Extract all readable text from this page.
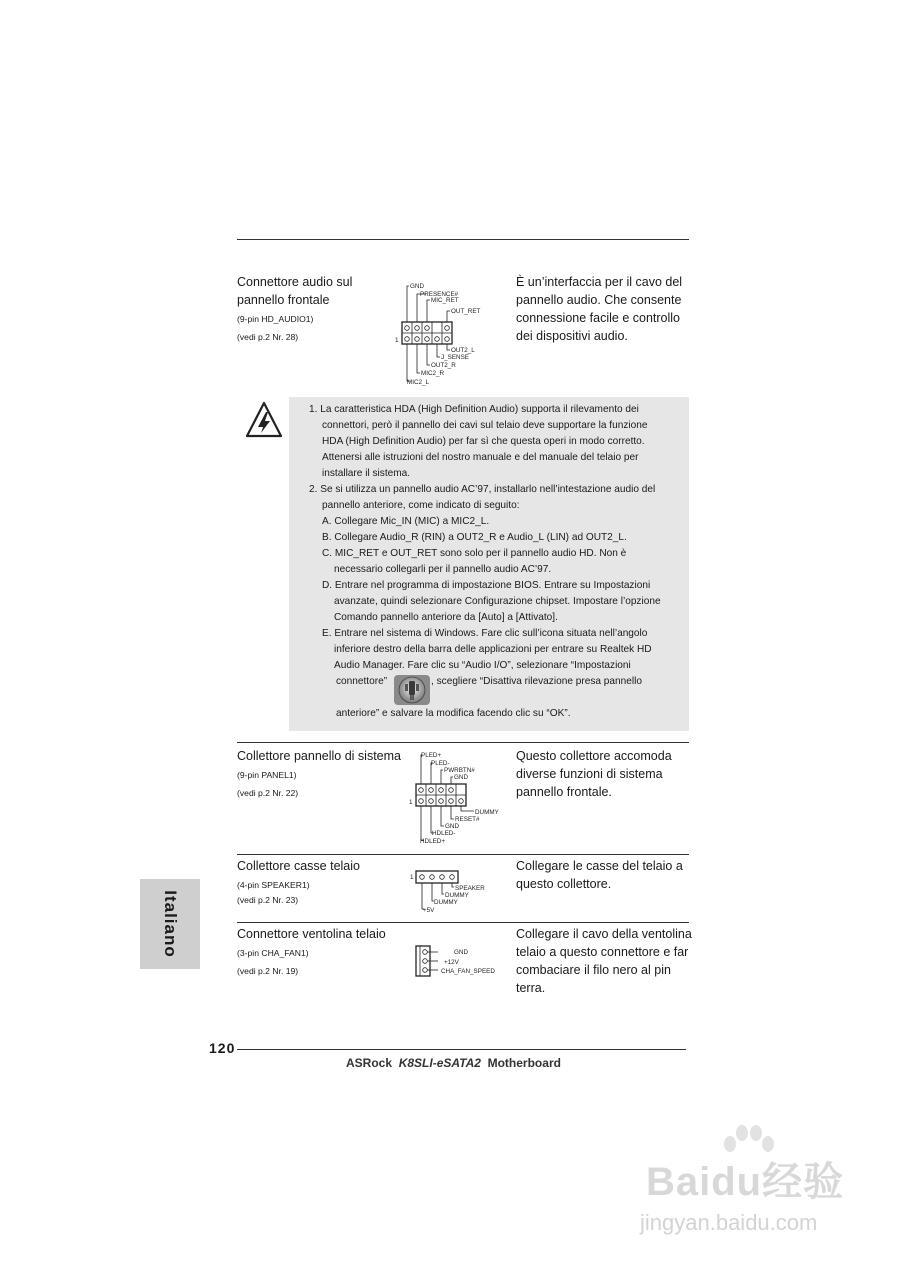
Connettore audio sul
pannello frontale
(9-pin HD_AUDIO1)
(vedi p.2 Nr. 28)
È un’interfaccia per il cavo del
pannello audio. Che consente
connessione facile e controllo
dei dispositivi audio.
GND
PRESENCE#
MIC_RET
OUT_RET
OUT2_L
J_SENSE
OUT2_R
MIC2_R
MIC2_L
1
1. La caratteristica HDA (High Definition Audio) supporta il rilevamento dei
connettori, però il pannello dei cavi sul telaio deve supportare la funzione
HDA (High Definition Audio) per far sì che questa operi in modo corretto.
Attenersi alle istruzioni del nostro manuale e del manuale del telaio per
installare il sistema.
2. Se si utilizza un pannello audio AC’97, installarlo nell’intestazione audio del
pannello anteriore, come indicato di seguito:
A. Collegare Mic_IN (MIC) a MIC2_L.
B. Collegare Audio_R (RIN) a OUT2_R e Audio_L (LIN) ad OUT2_L.
C. MIC_RET e OUT_RET sono solo per il pannello audio HD. Non è
necessario collegarli per il pannello audio AC’97.
D. Entrare nel programma di impostazione BIOS. Entrare su Impostazioni
avanzate, quindi selezionare Configurazione chipset. Impostare l’opzione
Comando pannello anteriore da [Auto] a [Attivato].
E. Entrare nel sistema di Windows. Fare clic sull’icona situata nell’angolo
inferiore destro della barra delle applicazioni per entrare su Realtek HD
Audio Manager. Fare clic su “Audio I/O”, selezionare “Impostazioni
connettore”	, scegliere “Disattiva rilevazione presa pannello
anteriore” e salvare la modifica facendo clic su “OK”.
Collettore pannello di sistema
(9-pin PANEL1)
(vedi p.2 Nr. 22)
Questo collettore accomoda
diverse funzioni di sistema
pannello frontale.
PLED+
PLED-
PWRBTN#
GND
DUMMY
RESET#
GND
HDLED-
HDLED+
1
Collettore casse telaio
(4-pin SPEAKER1)
(vedi p.2 Nr. 23)
Collegare le casse del telaio a
questo collettore.
SPEAKER
DUMMY
DUMMY
+5V
1
Connettore ventolina telaio
(3-pin CHA_FAN1)
(vedi p.2 Nr. 19)
Collegare il cavo della ventolina
telaio a questo connettore e far
combaciare il filo nero al pin
terra.
GND
+12V
CHA_FAN_SPEED
Italiano
120
ASRock K8SLI-eSATA2 Motherboard
Baidu经验
jingyan.baidu.com
